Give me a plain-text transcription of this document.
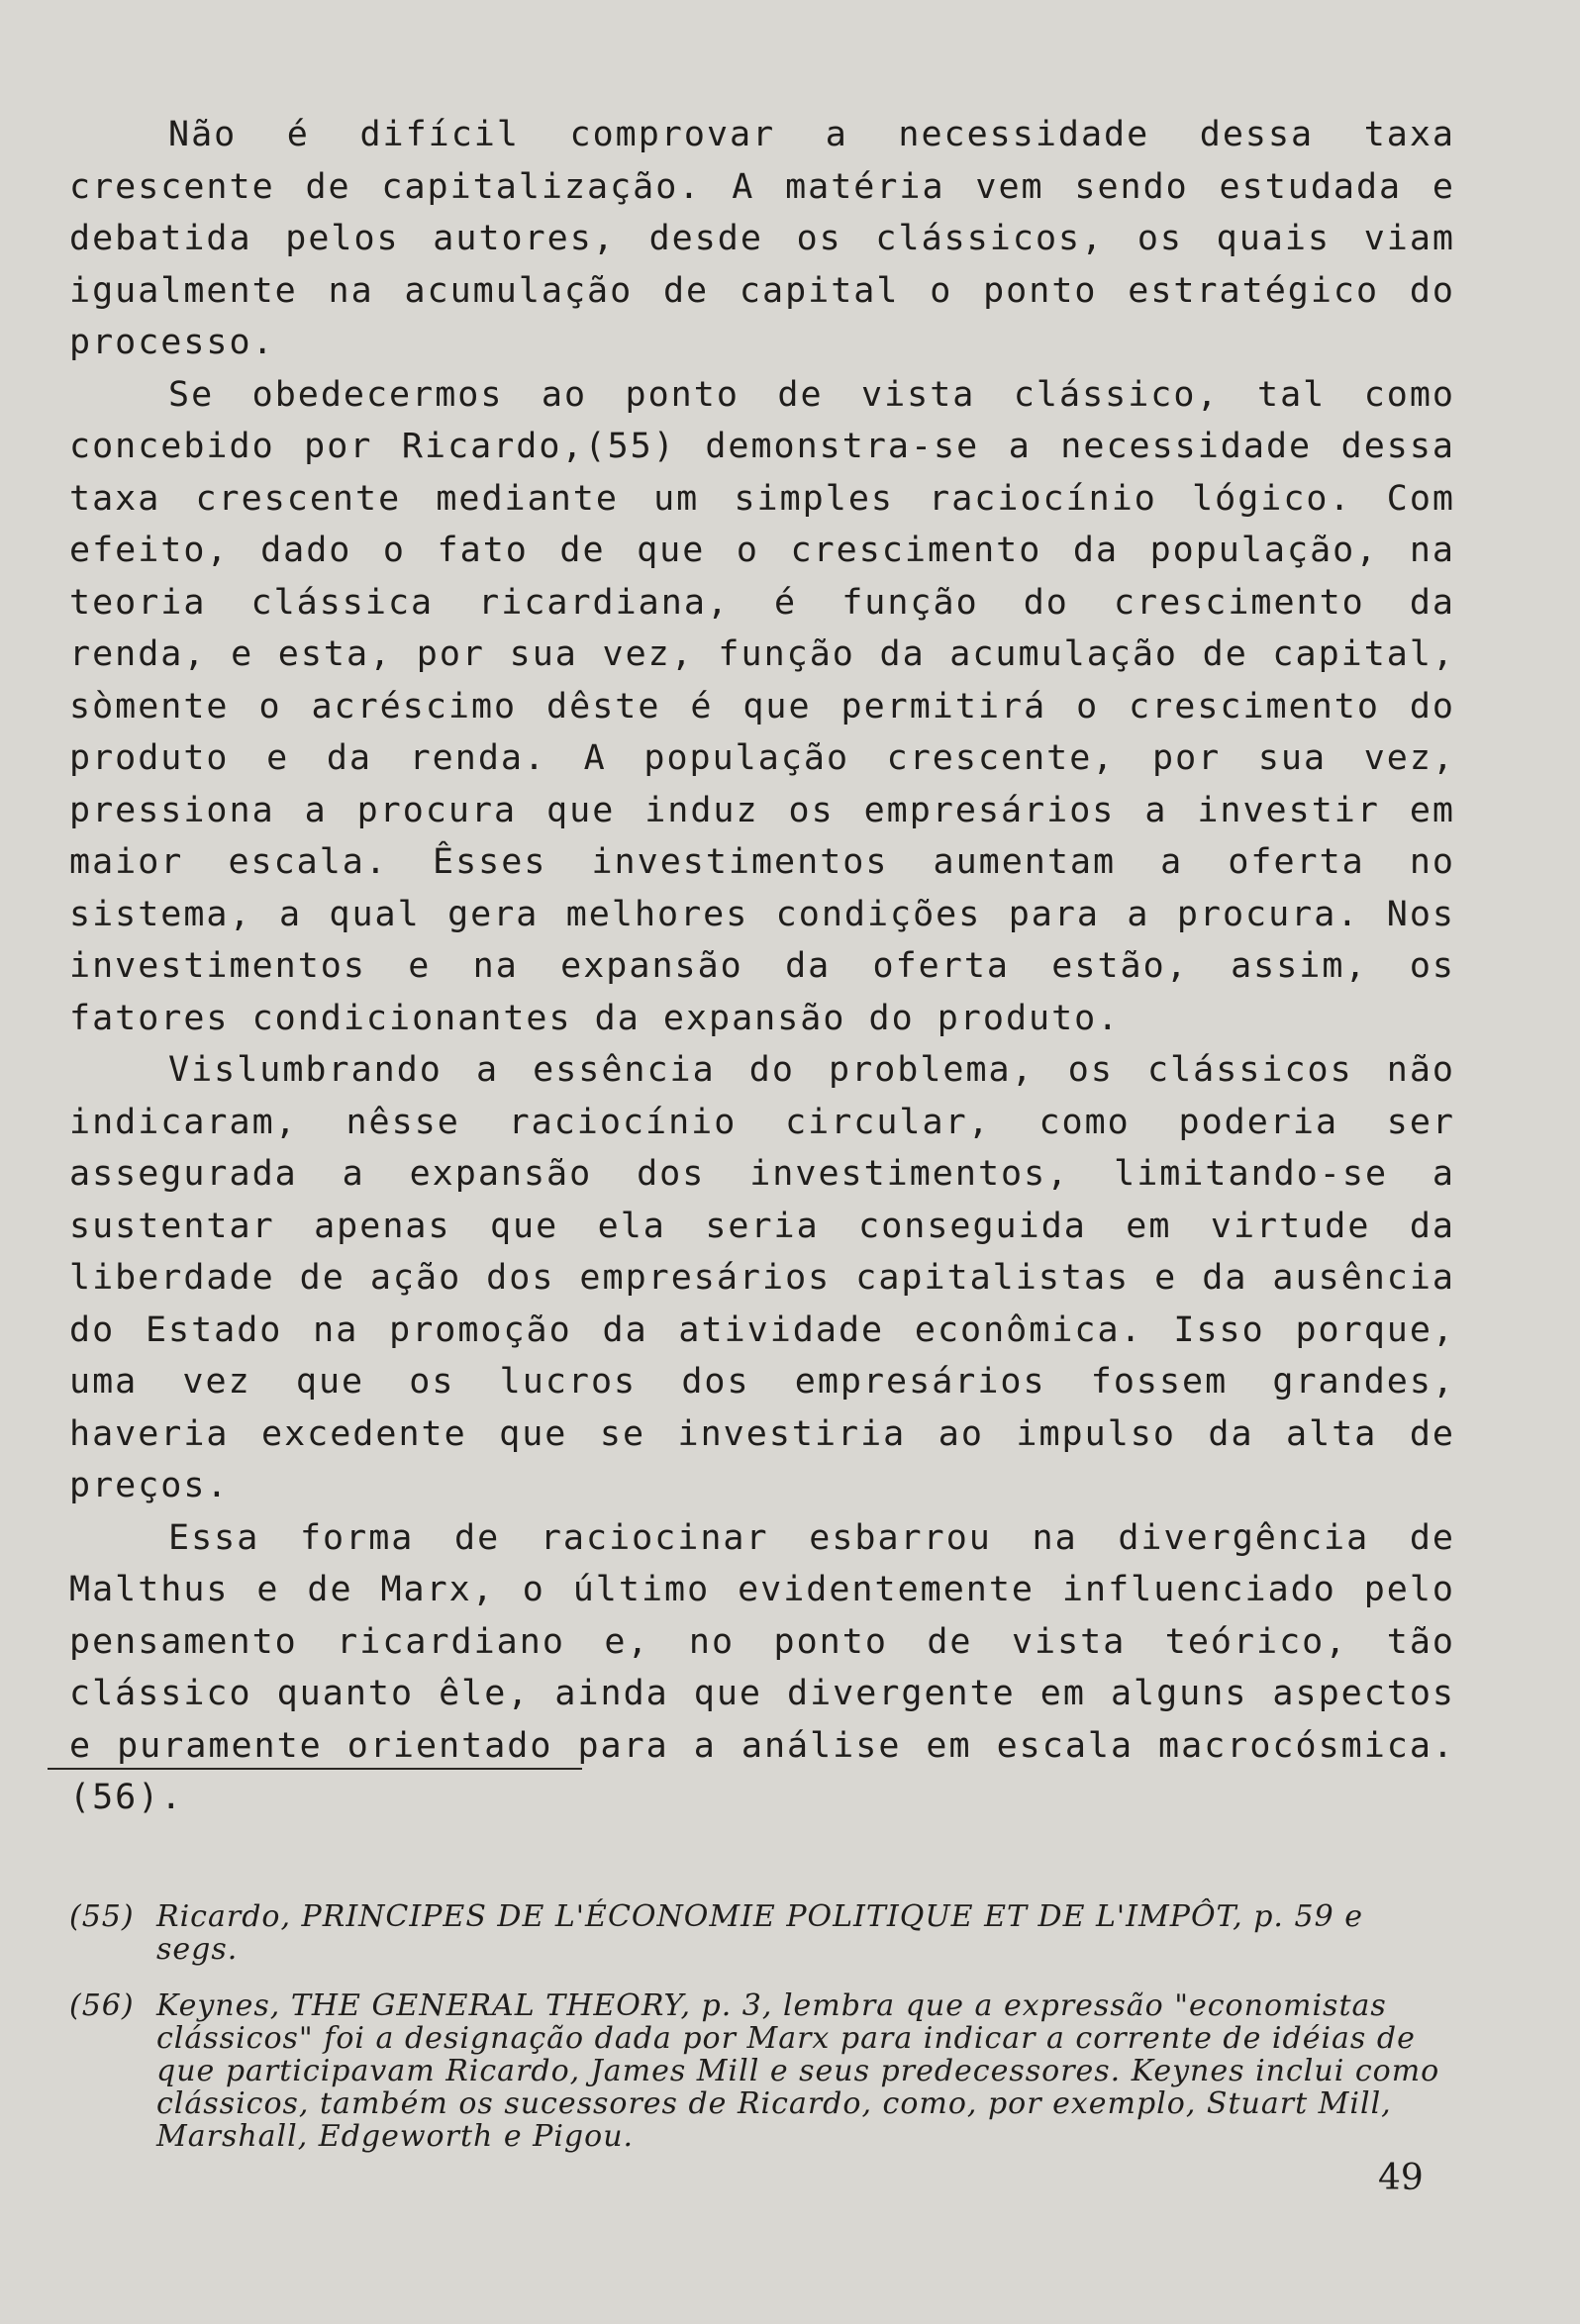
Não é difícil comprovar a necessidade dessa taxa crescente de capitalização. A matéria vem sendo estudada e debatida pelos autores, desde os clássicos, os quais viam igualmente na acumulação de capital o ponto estratégico do processo.

Se obedecermos ao ponto de vista clássico, tal como concebido por Ricardo,(55) demonstra-se a necessidade dessa taxa crescente mediante um simples raciocínio lógico. Com efeito, dado o fato de que o crescimento da população, na teoria clássica ricardiana, é função do crescimento da renda, e esta, por sua vez, função da acumulação de capital, sòmente o acréscimo dêste é que permitirá o crescimento do produto e da renda. A população crescente, por sua vez, pressiona a procura que induz os empresários a investir em maior escala. Êsses investimentos aumentam a oferta no sistema, a qual gera melhores condições para a procura. Nos investimentos e na expansão da oferta estão, assim, os fatores condicionantes da expansão do produto.

Vislumbrando a essência do problema, os clássicos não indicaram, nêsse raciocínio circular, como poderia ser assegurada a expansão dos investimentos, limitando-se a sustentar apenas que ela seria conseguida em virtude da liberdade de ação dos empresários capitalistas e da ausência do Estado na promoção da atividade econômica. Isso porque, uma vez que os lucros dos empresários fossem grandes, haveria excedente que se investiria ao impulso da alta de preços.

Essa forma de raciocinar esbarrou na divergência de Malthus e de Marx, o último evidentemente influenciado pelo pensamento ricardiano e, no ponto de vista teórico, tão clássico quanto êle, ainda que divergente em alguns aspectos e puramente orientado para a análise em escala macrocósmica. (56).

(55) Ricardo, PRINCIPES DE L'ÉCONOMIE POLITIQUE ET DE L'IMPÔT, p. 59 e segs.
(56) Keynes, THE GENERAL THEORY, p. 3, lembra que a expressão "economistas clássicos" foi a designação dada por Marx para indicar a corrente de idéias de que participavam Ricardo, James Mill e seus predecessores. Keynes inclui como clássicos, também os sucessores de Ricardo, como, por exemplo, Stuart Mill, Marshall, Edgeworth e Pigou.
49
